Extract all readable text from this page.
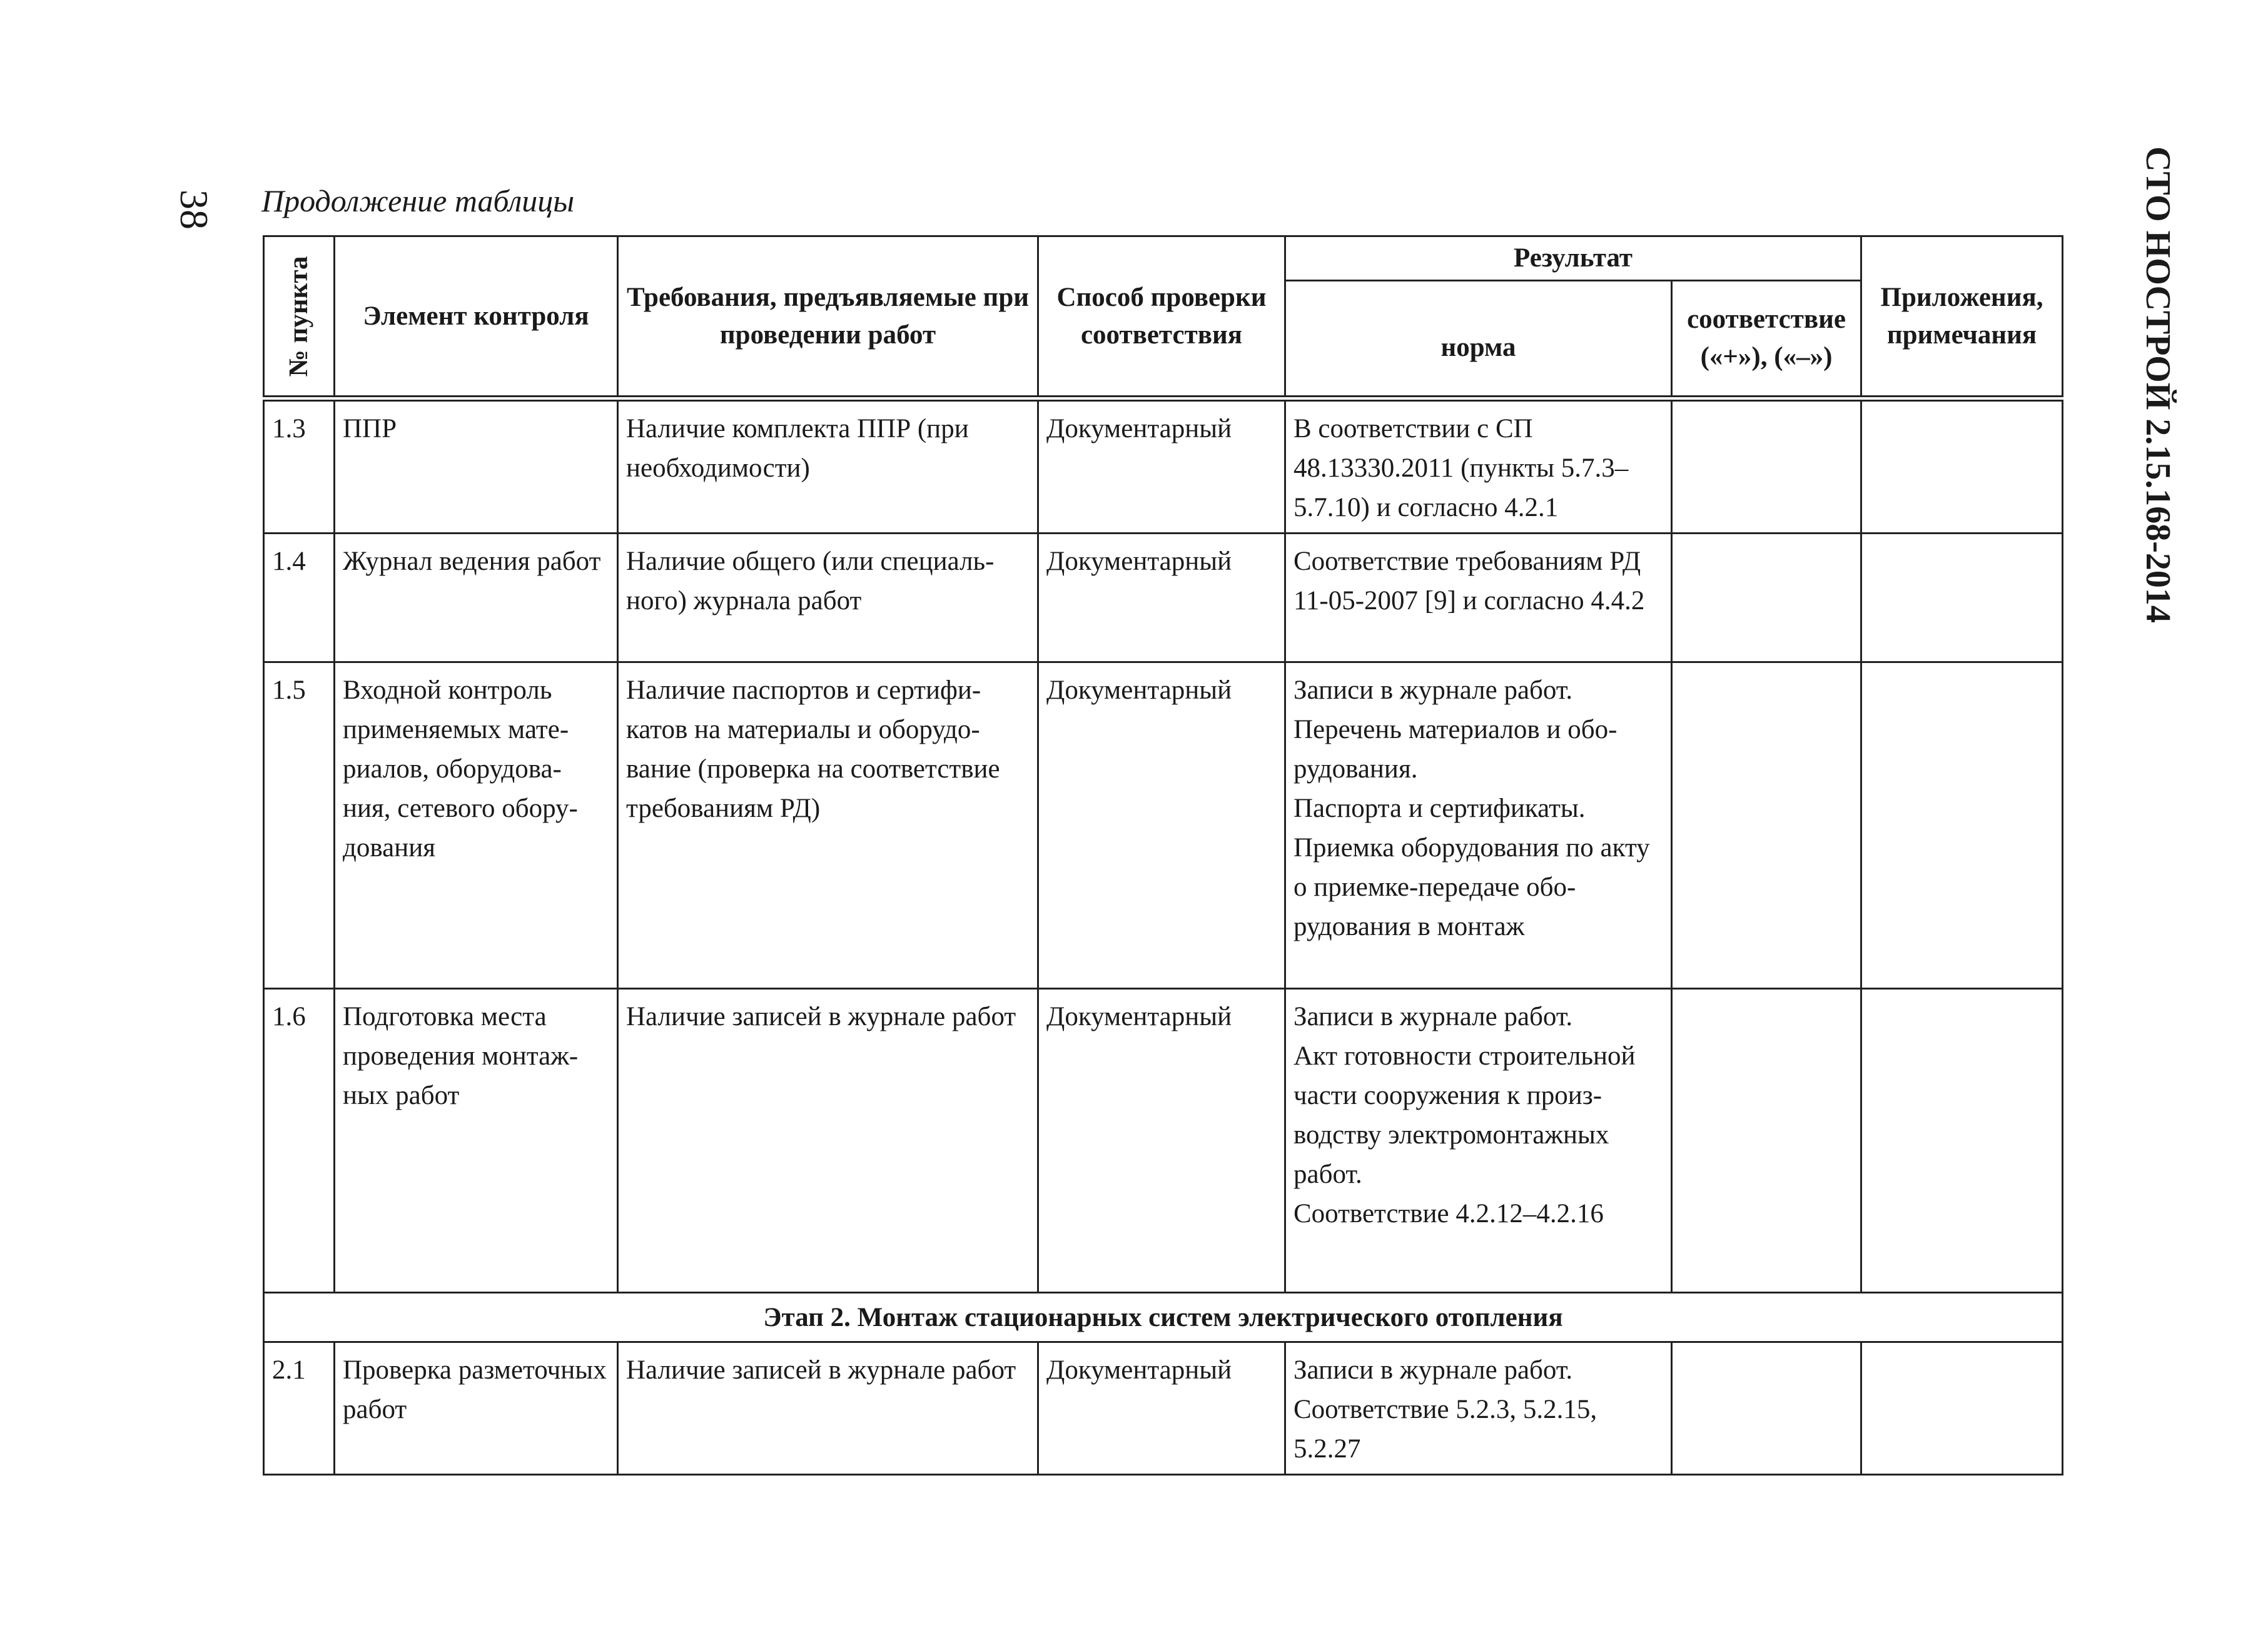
38 Продолжение таблицы	СТО НОСТРОЙ 2.15.168-2014
№ пункта	Элемент контроля	Требования, предъявляемые при проведении работ	Способ проверки соответствия	Результат		Приложения, примечания
				норма	соответствие («+»), («–»)	
1.3	ППР	Наличие комплекта ППР (при необходимости)	Документарный	В соответствии с СП 48.13330.2011 (пункты 5.7.3–5.7.10) и согласно 4.2.1		
1.4	Журнал ведения работ	Наличие общего (или специаль-ного) журнала работ	Документарный	Соответствие требованиям РД 11-05-2007 [9] и согласно 4.4.2		
1.5	Входной контроль применяемых мате-риалов, оборудова-ния, сетевого обору-дования	Наличие паспортов и сертифи-катов на материалы и оборудо-вание (проверка на соответствие требованиям РД)	Документарный	Записи в журнале работ.

Перечень материалов и обо-рудования.

Паспорта и сертификаты.

Приемка оборудования по акту о приемке-передаче обо-рудования в монтаж		

1.6	Подготовка места проведения монтаж-ных работ	Наличие записей в журнале работ	Документарный	Записи в журнале работ.

Акт готовности строительной части сооружения к произ-водству электромонтажных работ.

Соответствие 4.2.12–4.2.16		

Этап 2. Монтаж стационарных систем электрического отопления						
2.1	Проверка разметочных работ	Наличие записей в журнале работ	Документарный	Записи в журнале работ.

Соответствие 5.2.3, 5.2.15, 5.2.27		
